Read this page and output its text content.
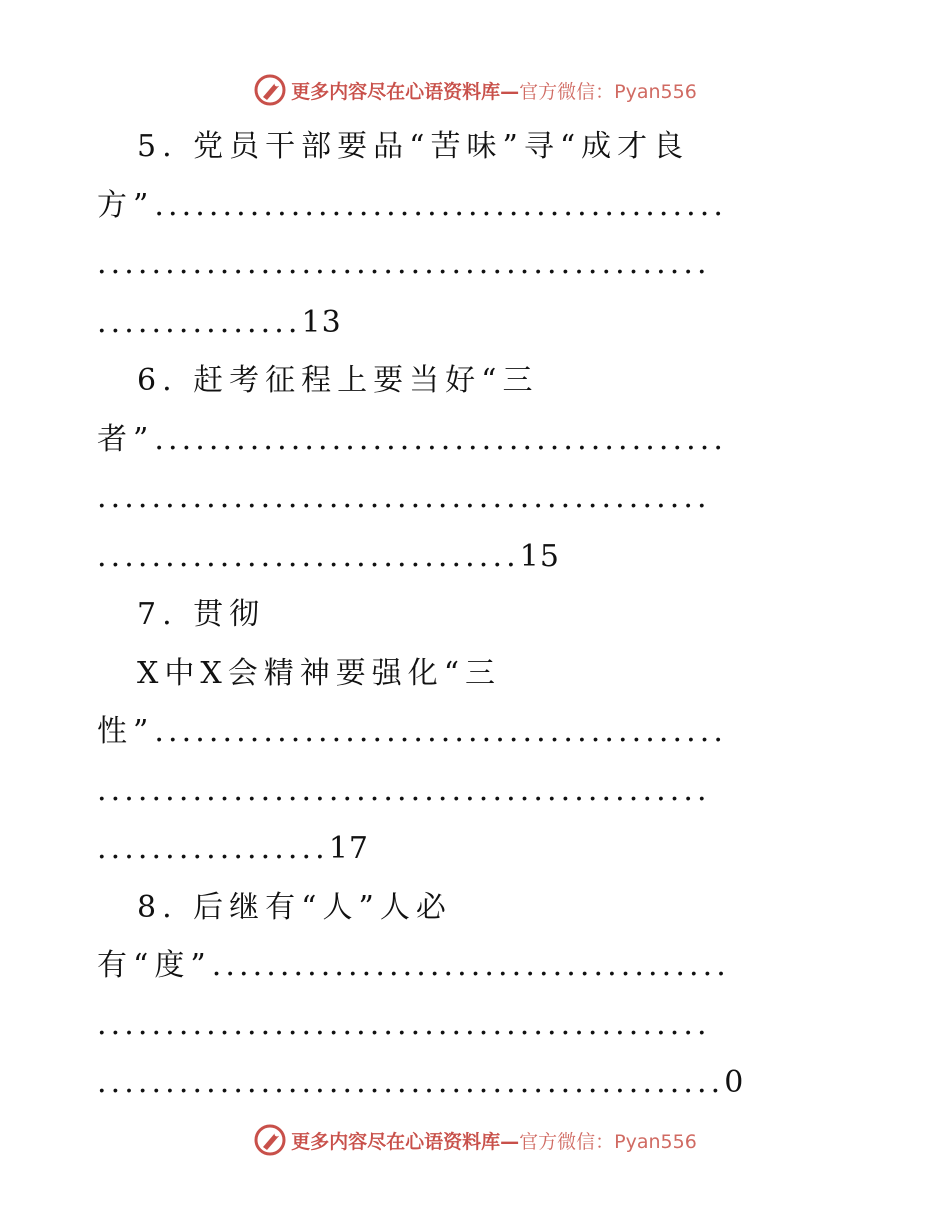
更多内容尽在心语资料库—官方微信：Pyan556
5. 党员干部要品“苦味”寻“成才良
方”..........................................
.............................................
...............13
6. 赶考征程上要当好“三
者”..........................................
.............................................
...............................15
7. 贯彻
X中X会精神要强化“三
性”..........................................
.............................................
.................17
8. 后继有“人”人必
有“度”......................................
.............................................
..............................................0
更多内容尽在心语资料库—官方微信：Pyan556
